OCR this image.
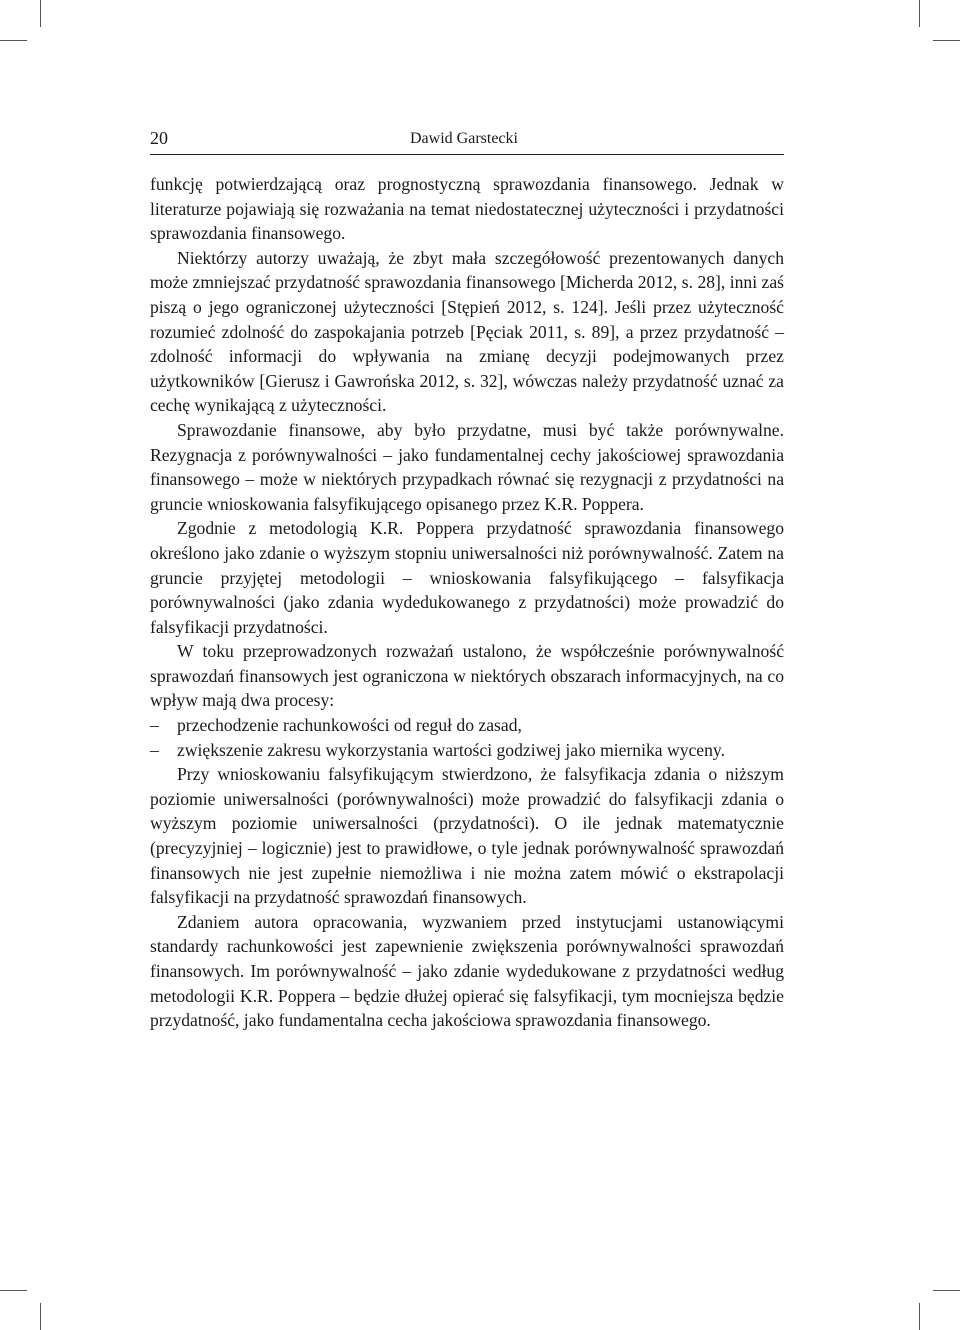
20	Dawid Garstecki

funkcję potwierdzającą oraz prognostyczną sprawozdania finansowego. Jednak w literaturze pojawiają się rozważania na temat niedostatecznej użyteczności i przydatności sprawozdania finansowego.

Niektórzy autorzy uważają, że zbyt mała szczegółowość prezentowanych danych może zmniejszać przydatność sprawozdania finansowego [Micherda 2012, s. 28], inni zaś piszą o jego ograniczonej użyteczności [Stępień 2012, s. 124]. Jeśli przez użyteczność rozumieć zdolność do zaspokajania potrzeb [Pęciak 2011, s. 89], a przez przydatność – zdolność informacji do wpływania na zmianę decyzji podejmowanych przez użytkowników [Gierusz i Gawrońska 2012, s. 32], wówczas należy przydatność uznać za cechę wynikającą z użyteczności.

Sprawozdanie finansowe, aby było przydatne, musi być także porównywalne. Rezygnacja z porównywalności – jako fundamentalnej cechy jakościowej sprawozdania finansowego – może w niektórych przypadkach równać się rezygnacji z przydatności na gruncie wnioskowania falsyfikującego opisanego przez K.R. Poppera.

Zgodnie z metodologią K.R. Poppera przydatność sprawozdania finansowego określono jako zdanie o wyższym stopniu uniwersalności niż porównywalność. Zatem na gruncie przyjętej metodologii – wnioskowania falsyfikującego – falsyfikacja porównywalności (jako zdania wydedukowanego z przydatności) może prowadzić do falsyfikacji przydatności.

W toku przeprowadzonych rozważań ustalono, że współcześnie porównywalność sprawozdań finansowych jest ograniczona w niektórych obszarach informacyjnych, na co wpływ mają dwa procesy:

– przechodzenie rachunkowości od reguł do zasad,
– zwiększenie zakresu wykorzystania wartości godziwej jako miernika wyceny.

Przy wnioskowaniu falsyfikującym stwierdzono, że falsyfikacja zdania o niższym poziomie uniwersalności (porównywalności) może prowadzić do falsyfikacji zdania o wyższym poziomie uniwersalności (przydatności). O ile jednak matematycznie (precyzyjniej – logicznie) jest to prawidłowe, o tyle jednak porównywalność sprawozdań finansowych nie jest zupełnie niemożliwa i nie można zatem mówić o ekstrapolacji falsyfikacji na przydatność sprawozdań finansowych.

Zdaniem autora opracowania, wyzwaniem przed instytucjami ustanowiącymi standardy rachunkowości jest zapewnienie zwiększenia porównywalności sprawozdań finansowych. Im porównywalność – jako zdanie wydedukowane z przydatności według metodologii K.R. Poppera – będzie dłużej opierać się falsyfikacji, tym mocniejsza będzie przydatność, jako fundamentalna cecha jakościowa sprawozdania finansowego.
